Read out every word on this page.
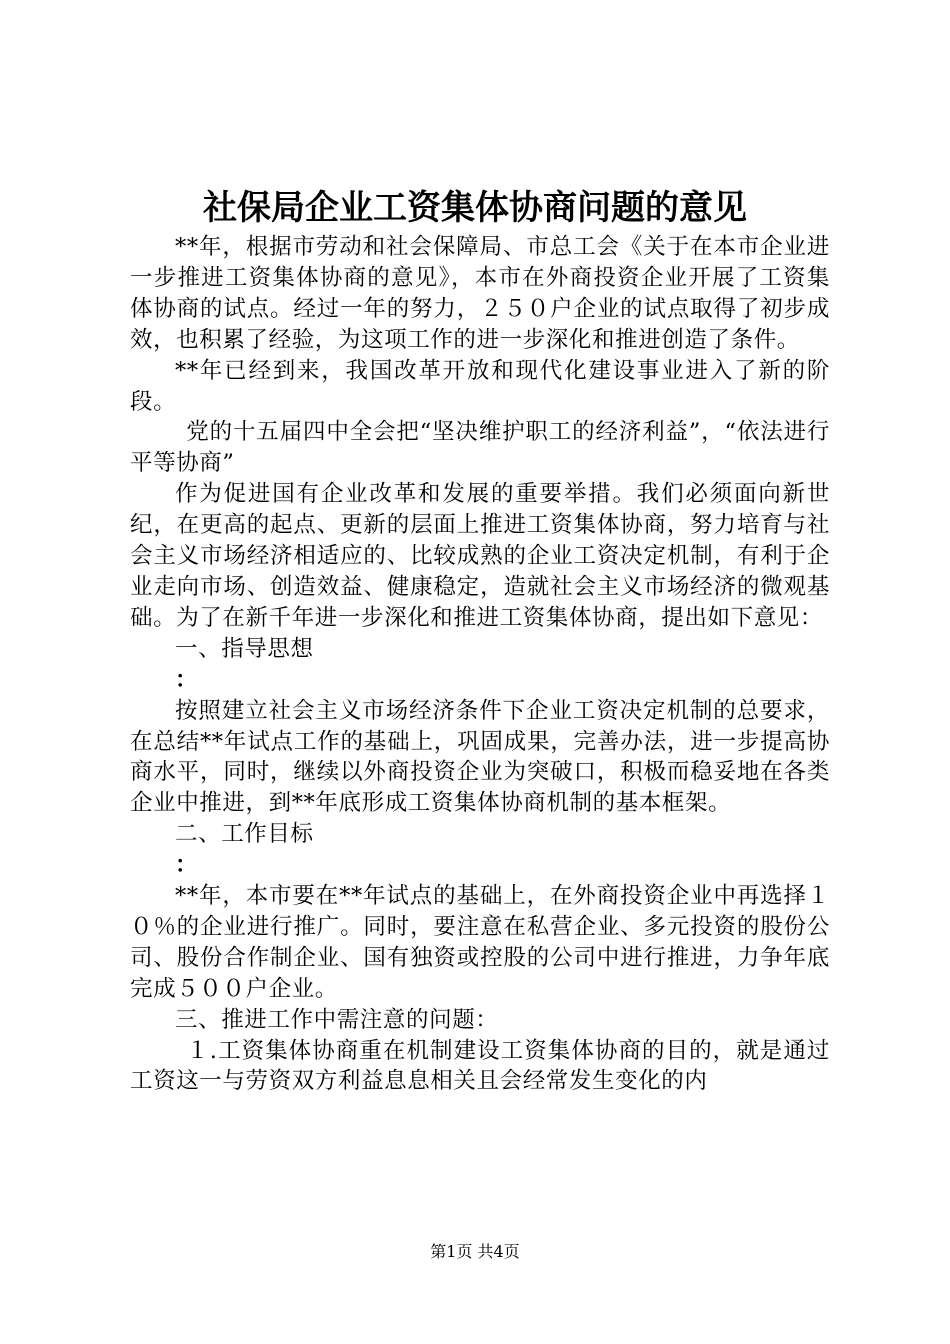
社保局企业工资集体协商问题的意见

**年，根据市劳动和社会保障局、市总工会《关于在本市企业进一步推进工资集体协商的意见》，本市在外商投资企业开展了工资集体协商的试点。经过一年的努力，２５０户企业的试点取得了初步成效，也积累了经验，为这项工作的进一步深化和推进创造了条件。

**年已经到来，我国改革开放和现代化建设事业进入了新的阶段。

党的十五届四中全会把“坚决维护职工的经济利益”，“依法进行平等协商”

作为促进国有企业改革和发展的重要举措。我们必须面向新世纪，在更高的起点、更新的层面上推进工资集体协商，努力培育与社会主义市场经济相适应的、比较成熟的企业工资决定机制，有利于企业走向市场、创造效益、健康稳定，造就社会主义市场经济的微观基础。为了在新千年进一步深化和推进工资集体协商，提出如下意见：

一、指导思想

：

按照建立社会主义市场经济条件下企业工资决定机制的总要求，在总结**年试点工作的基础上，巩固成果，完善办法，进一步提高协商水平，同时，继续以外商投资企业为突破口，积极而稳妥地在各类企业中推进，到**年底形成工资集体协商机制的基本框架。

二、工作目标

：

**年，本市要在**年试点的基础上，在外商投资企业中再选择１０％的企业进行推广。同时，要注意在私营企业、多元投资的股份公司、股份合作制企业、国有独资或控股的公司中进行推进，力争年底完成５００户企业。

三、推进工作中需注意的问题：

１.工资集体协商重在机制建设工资集体协商的目的，就是通过工资这一与劳资双方利益息息相关且会经常发生变化的内

第1页 共4页
